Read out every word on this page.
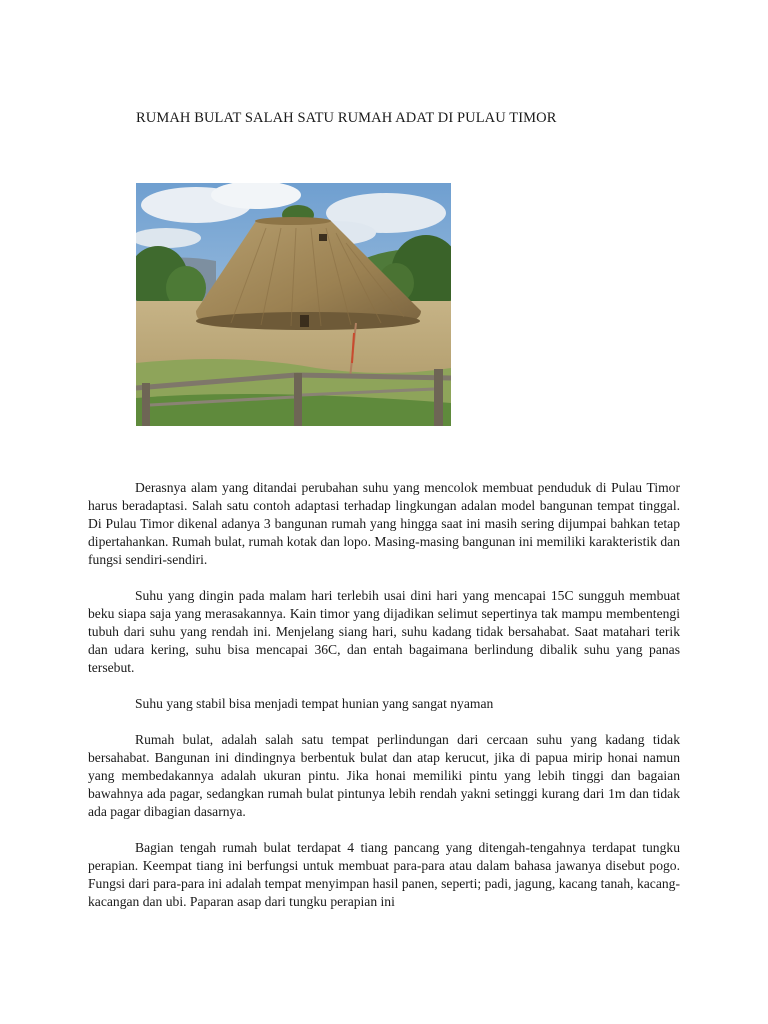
RUMAH BULAT SALAH SATU RUMAH ADAT DI PULAU TIMOR

Derasnya alam yang ditandai perubahan suhu yang mencolok membuat penduduk di Pulau Timor harus beradaptasi. Salah satu contoh adaptasi terhadap lingkungan adalan model bangunan tempat tinggal. Di Pulau Timor dikenal adanya 3 bangunan rumah yang hingga saat ini masih sering dijumpai bahkan tetap dipertahankan. Rumah bulat, rumah kotak dan lopo. Masing-masing bangunan ini memiliki karakteristik dan fungsi sendiri-sendiri.

Suhu yang dingin pada malam hari terlebih usai dini hari yang mencapai 15C sungguh membuat beku siapa saja yang merasakannya. Kain timor yang dijadikan selimut sepertinya tak mampu membentengi tubuh dari suhu yang rendah ini. Menjelang siang hari, suhu kadang tidak bersahabat. Saat matahari terik dan udara kering, suhu bisa mencapai 36C, dan entah bagaimana berlindung dibalik suhu yang panas tersebut.

Suhu yang stabil bisa menjadi tempat hunian yang sangat nyaman

Rumah bulat, adalah salah satu tempat perlindungan dari cercaan suhu yang kadang tidak bersahabat. Bangunan ini dindingnya berbentuk bulat dan atap kerucut, jika di papua mirip honai namun yang membedakannya adalah ukuran pintu. Jika honai memiliki pintu yang lebih tinggi dan bagaian bawahnya ada pagar, sedangkan rumah bulat pintunya lebih rendah yakni setinggi kurang dari 1m dan tidak ada pagar dibagian dasarnya.

Bagian tengah rumah bulat terdapat 4 tiang pancang yang ditengah-tengahnya terdapat tungku perapian. Keempat tiang ini berfungsi untuk membuat para-para atau dalam bahasa jawanya disebut pogo. Fungsi dari para-para ini adalah tempat menyimpan hasil panen, seperti; padi, jagung, kacang tanah, kacang-kacangan dan ubi. Paparan asap dari tungku perapian ini
